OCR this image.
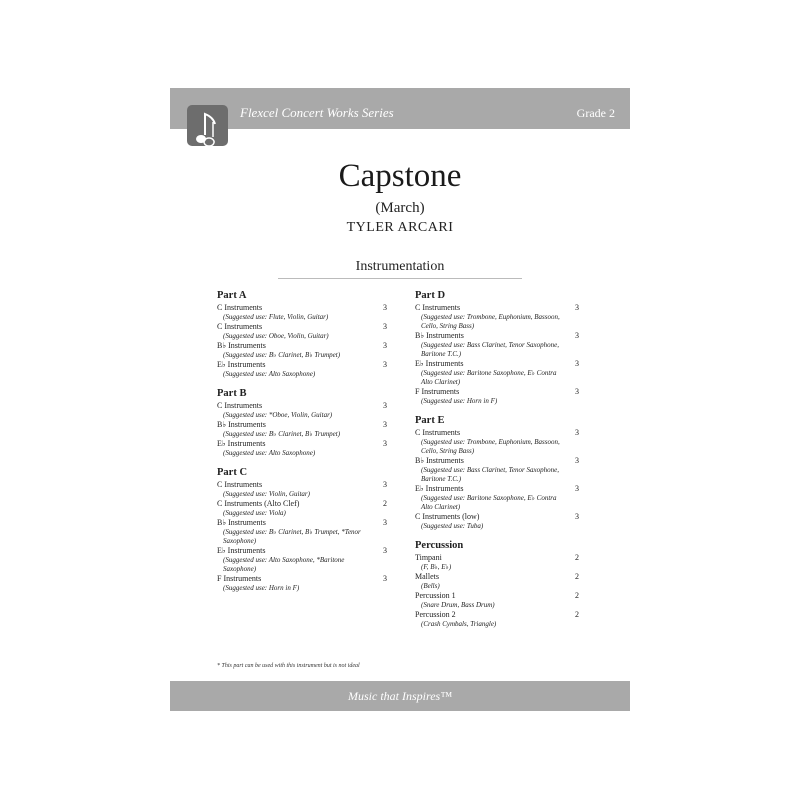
Flexcel Concert Works Series	Grade 2
Capstone
(March)
TYLER ARCARI
Instrumentation
Part A
C Instruments
(Suggested use: Flute, Violin, Guitar)
3
C Instruments
(Suggested use: Oboe, Violin, Guitar)
3
B♭ Instruments
(Suggested use: B♭ Clarinet, B♭ Trumpet)
3
E♭ Instruments
(Suggested use: Alto Saxophone)
3
Part B
C Instruments
(Suggested use: *Oboe, Violin, Guitar)
3
B♭ Instruments
(Suggested use: B♭ Clarinet, B♭ Trumpet)
3
E♭ Instruments
(Suggested use: Alto Saxophone)
3
Part C
C Instruments
(Suggested use: Violin, Guitar)
3
C Instruments (Alto Clef)
(Suggested use: Viola)
2
B♭ Instruments
(Suggested use: B♭ Clarinet, B♭ Trumpet, *Tenor Saxophone)
3
E♭ Instruments
(Suggested use: Alto Saxophone, *Baritone Saxophone)
3
F Instruments
(Suggested use: Horn in F)
3
Part D
C Instruments
(Suggested use: Trombone, Euphonium, Bassoon, Cello, String Bass)
3
B♭ Instruments
(Suggested use: Bass Clarinet, Tenor Saxophone, Baritone T.C.)
3
E♭ Instruments
(Suggested use: Baritone Saxophone, E♭ Contra Alto Clarinet)
3
F Instruments
(Suggested use: Horn in F)
3
Part E
C Instruments
(Suggested use: Trombone, Euphonium, Bassoon, Cello, String Bass)
3
B♭ Instruments
(Suggested use: Bass Clarinet, Tenor Saxophone, Baritone T.C.)
3
E♭ Instruments
(Suggested use: Baritone Saxophone, E♭ Contra Alto Clarinet)
3
C Instruments (low)
(Suggested use: Tuba)
3
Percussion
Timpani
(F, B♭, E♭)
2
Mallets
(Bells)
2
Percussion 1
(Snare Drum, Bass Drum)
2
Percussion 2
(Crash Cymbals, Triangle)
2
* This part can be used with this instrument but is not ideal
Music that Inspires™
